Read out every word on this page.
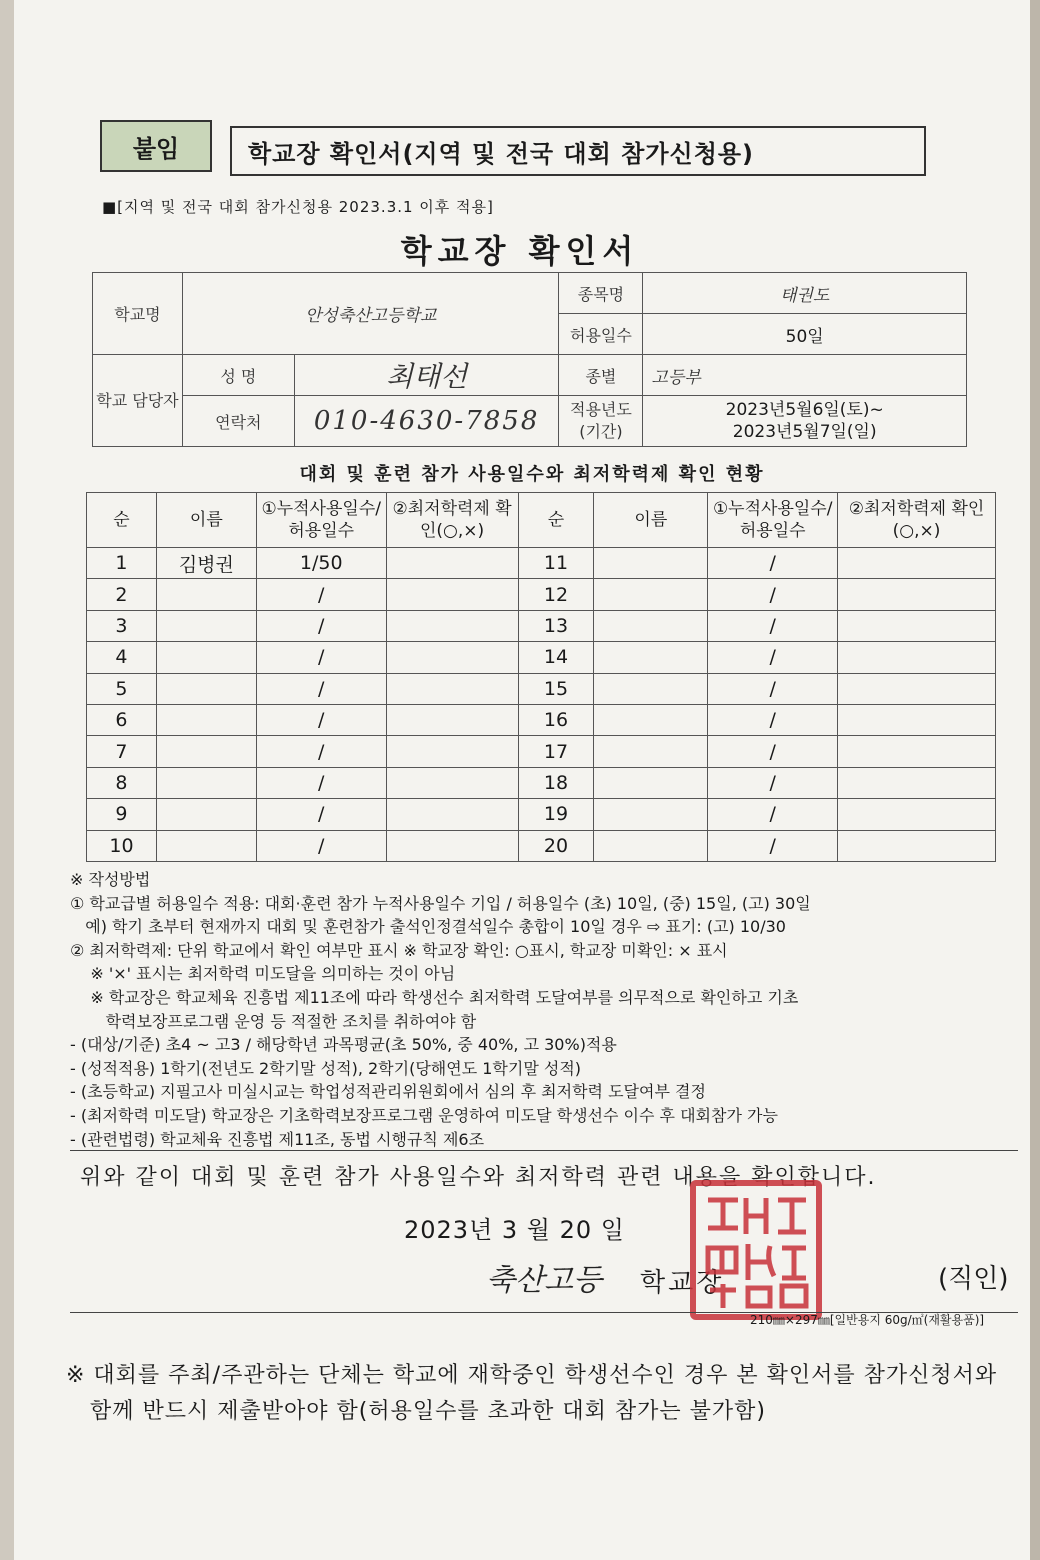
붙임	학교장 확인서(지역 및 전국 대회 참가신청용)
■[지역 및 전국 대회 참가신청용 2023.3.1 이후 적용]
학교장 확인서
학교명	안성축산고등학교		종목명	태권도
			허용일수	50일
학교 담당자	성 명	최태선	종별	고등부
	연락처	010-4630-7858	적용년도 (기간)	2023년5월6일(토)~
2023년5월7일(일)
대회 및 훈련 참가 사용일수와 최저학력제 확인 현황
순	이름	①누적사용일수/허용일수	②최저학력제 확인(○,×)	순	이름	①누적사용일수/허용일수	②최저학력제 확인(○,×)
1	김병권	1/50		11		/	
2		/		12		/	
3		/		13		/	
4		/		14		/	
5		/		15		/	
6		/		16		/	
7		/		17		/	
8		/		18		/	
9		/		19		/	
10		/		20		/	
※ 작성방법
① 학교급별 허용일수 적용: 대회·훈련 참가 누적사용일수 기입 / 허용일수 (초) 10일, (중) 15일, (고) 30일
예) 학기 초부터 현재까지 대회 및 훈련참가 출석인정결석일수 총합이 10일 경우 ⇨ 표기: (고) 10/30
② 최저학력제: 단위 학교에서 확인 여부만 표시 ※ 학교장 확인: ○표시, 학교장 미확인: × 표시
※ '×' 표시는 최저학력 미도달을 의미하는 것이 아님
※ 학교장은 학교체육 진흥법 제11조에 따라 학생선수 최저학력 도달여부를 의무적으로 확인하고 기초
학력보장프로그램 운영 등 적절한 조치를 취하여야 함
- (대상/기준) 초4 ~ 고3 / 해당학년 과목평균(초 50%, 중 40%, 고 30%)적용
- (성적적용) 1학기(전년도 2학기말 성적), 2학기(당해연도 1학기말 성적)
- (초등학교) 지필고사 미실시교는 학업성적관리위원회에서 심의 후 최저학력 도달여부 결정
- (최저학력 미도달) 학교장은 기초학력보장프로그램 운영하여 미도달 학생선수 이수 후 대회참가 가능
- (관련법령) 학교체육 진흥법 제11조, 동법 시행규칙 제6조
위와 같이 대회 및 훈련 참가 사용일수와 최저학력 관련 내용을 확인합니다.
2023년 3 월 20 일
축산고등 학교장	(직인)
210㎜×297㎜[일반용지 60g/㎡(재활용품)]
※ 대회를 주최/주관하는 단체는 학교에 재학중인 학생선수인 경우 본 확인서를 참가신청서와
함께 반드시 제출받아야 함(허용일수를 초과한 대회 참가는 불가함)
